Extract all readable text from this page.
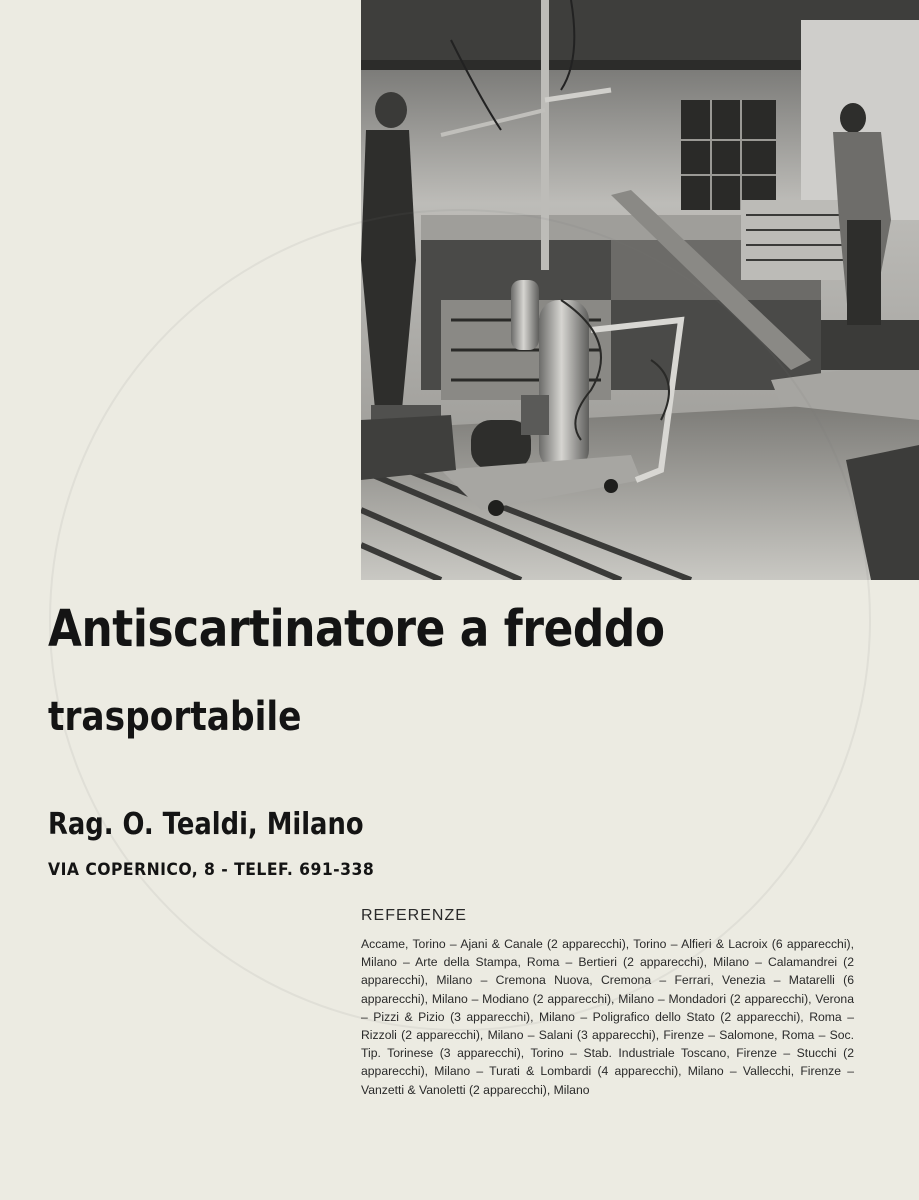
Antiscartinatore a freddo
trasportabile
Rag. O. Tealdi, Milano

VIA COPERNICO, 8 - TELEF. 691-338

REFERENZE

Accame, Torino – Ajani & Canale (2 apparecchi), Torino – Alfieri & Lacroix (6 apparecchi), Milano – Arte della Stampa, Roma – Bertieri (2 apparecchi), Milano – Calamandrei (2 apparecchi), Milano – Cremona Nuova, Cremona – Ferrari, Venezia – Matarelli (6 apparecchi), Milano – Modiano (2 apparecchi), Milano – Mondadori (2 apparecchi), Verona – Pizzi & Pizio (3 apparecchi), Milano – Poligrafico dello Stato (2 apparecchi), Roma – Rizzoli (2 apparecchi), Milano – Salani (3 apparecchi), Firenze – Salomone, Roma – Soc. Tip. Torinese (3 apparecchi), Torino – Stab. Industriale Toscano, Firenze – Stucchi (2 apparecchi), Milano – Turati & Lombardi (4 apparecchi), Milano – Vallecchi, Firenze – Vanzetti & Vanoletti (2 apparecchi), Milano
